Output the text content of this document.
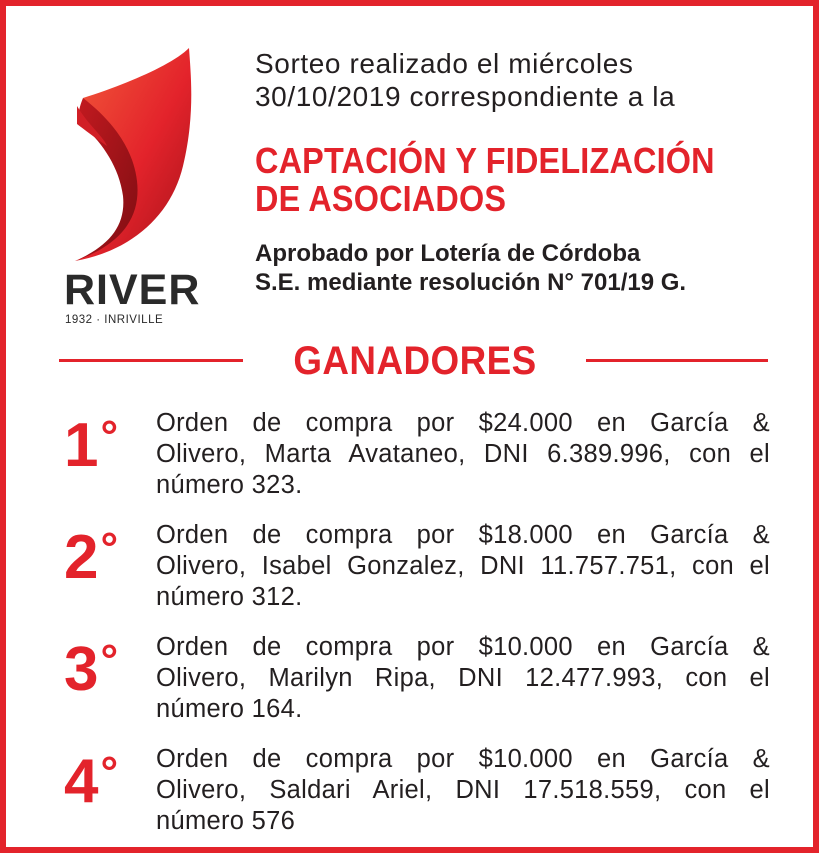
RIVER
1932 · INRIVILLE
Sorteo realizado el miércoles
30/10/2019 correspondiente a la
CAPTACIÓN Y FIDELIZACIÓN
DE ASOCIADOS
Aprobado por Lotería de Córdoba
S.E. mediante resolución N° 701/19 G.
GANADORES
1° Orden de compra por $24.000 en García &
Olivero, Marta Avataneo, DNI 6.389.996, con el
número 323.
2° Orden de compra por $18.000 en García &
Olivero, Isabel Gonzalez, DNI 11.757.751, con el
número 312.
3° Orden de compra por $10.000 en García &
Olivero, Marilyn Ripa, DNI 12.477.993, con el
número 164.
4° Orden de compra por $10.000 en García &
Olivero, Saldari Ariel, DNI 17.518.559, con el
número 576
